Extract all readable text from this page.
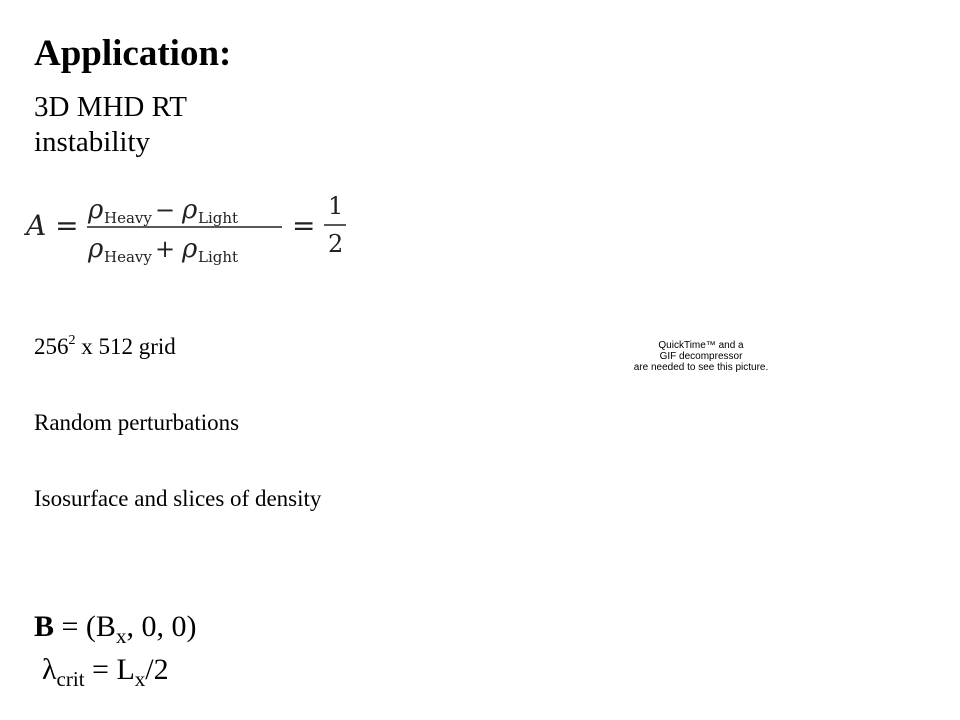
Application:
3D MHD RT
instability
A = ρ Heavy − ρ Light
ρ Heavy + ρ Light
=
1
2
$256^2$ x 512 grid
Random perturbations
Isosurface and slices of density
$B = (B_x$, 0, 0)
$\lambda_{crit} = L_x/2$
QuickTime™ and a
GIF decompressor
are needed to see this picture.
